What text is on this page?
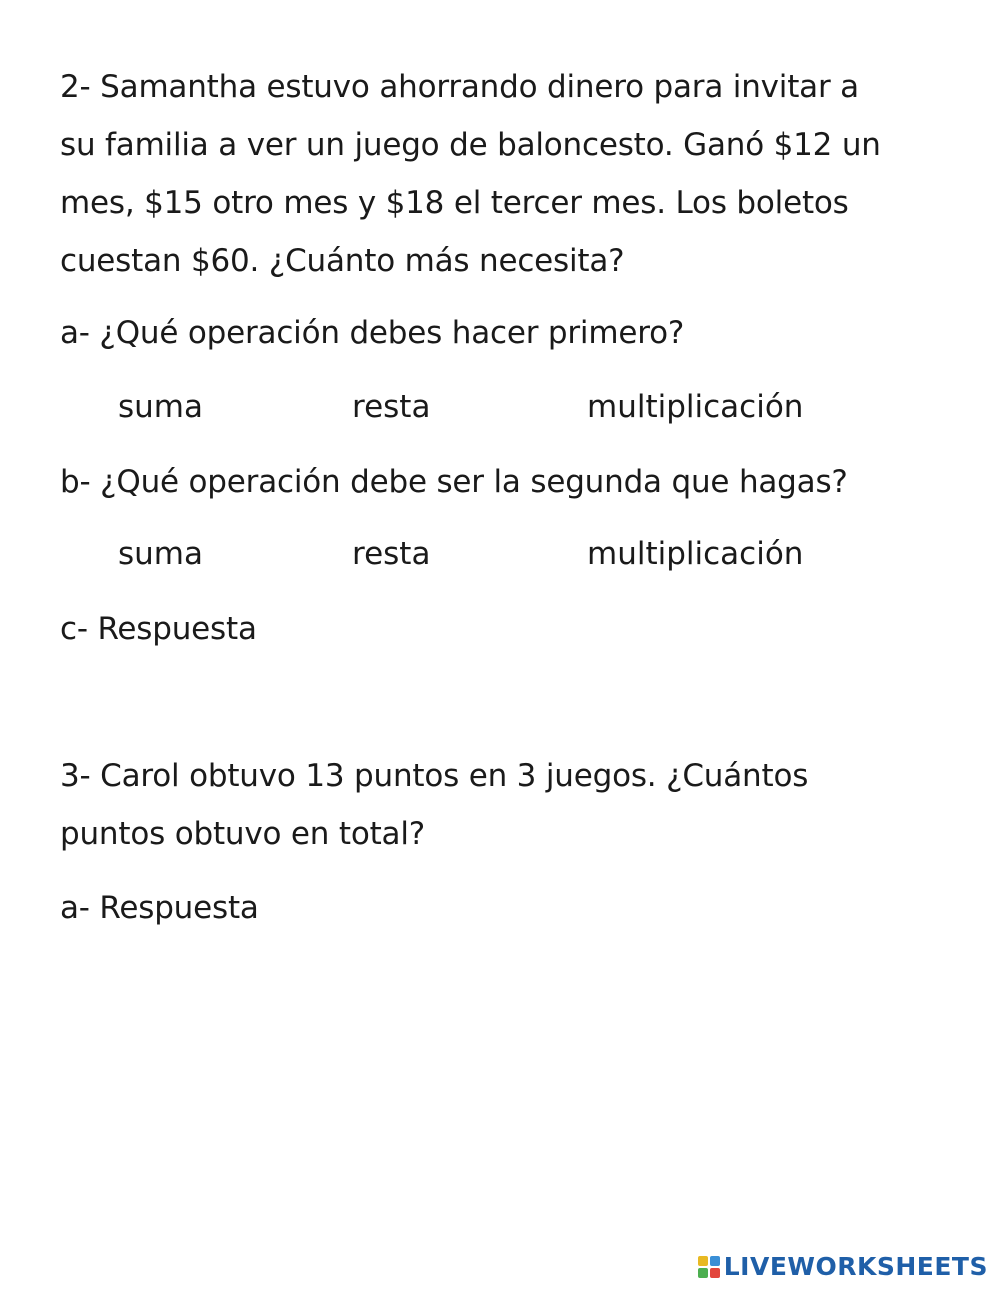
2- Samantha estuvo ahorrando dinero para invitar a
su familia a ver un juego de baloncesto. Ganó $12 un
mes, $15 otro mes y $18 el tercer mes. Los boletos
cuestan $60. ¿Cuánto más necesita?
a- ¿Qué operación debes hacer primero?
suma	resta	multiplicación
b- ¿Qué operación debe ser la segunda que hagas?
suma	resta	multiplicación
c- Respuesta
3- Carol obtuvo 13 puntos en 3 juegos. ¿Cuántos
puntos obtuvo en total?
a- Respuesta
LIVEWORKSHEETS
